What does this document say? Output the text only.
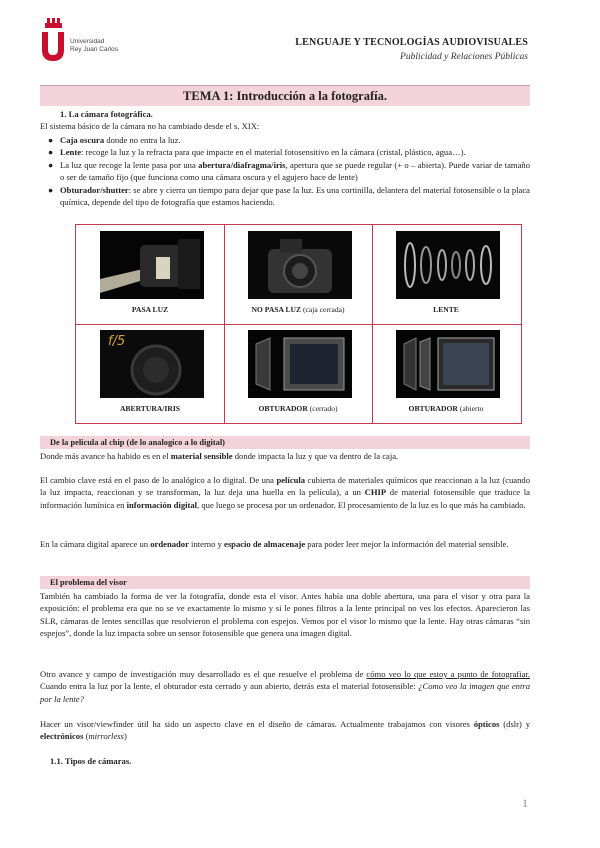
Universidad
Rey Juan Carlos
LENGUAJE Y TECNOLOGÍAS AUDIOVISUALES
Publicidad y Relaciones Públicas
TEMA 1: Introducción a la fotografía.
1. La cámara fotográfica.
El sistema básico de la cámara no ha cambiado desde el s. XIX:
● Caja oscura donde no entra la luz.
● Lente: recoge la luz y la refracta para que impacte en el material fotosensitivo en la cámara (cristal, plástico, agua…).
● La luz que recoge la lente pasa por una abertura/diafragma/iris, apertura que se puede regular (+ o – abierta). Puede variar de tamaño o ser de tamaño fijo (que funciona como una cámara oscura y el agujero hace de lente)
● Obturador/shutter: se abre y cierra un tiempo para dejar que pase la luz. Es una cortinilla, delantera del material fotosensible o la placa química, depende del tipo de fotografía que estamos haciendo.
PASA LUZ	NO PASA LUZ (caja cerrada)	LENTE
f/5
ABERTURA/IRIS	OBTURADOR (cerrado)	OBTURADOR (abierto
De la pelicula al chip (de lo analogico a lo digital)
Donde más avance ha habido es en el material sensible donde impacta la luz y que va dentro de la caja.
El cambio clave está en el paso de lo analógico a lo digital. De una película cubierta de materiales químicos que reaccionan a la luz (cuando la luz impacta, reaccionan y se transforman, la luz deja una huella en la película), a un CHIP de material fotosensible que traduce la información lumínica en información digital, que luego se procesa por un ordenador. El procesamiento de la luz es lo que más ha cambiado.
En la cámara digital aparece un ordenador interno y espacio de almacenaje para poder leer mejor la información del material sensible.
El problema del visor
También ha cambiado la forma de ver la fotografía, donde esta el visor. Antes había una doble abertura, una para el visor y otra para la exposición: el problema era que no se ve exactamente lo mismo y si le pones filtros a la lente principal no ves los efectos. Aparecieron las SLR, cámaras de lentes sencillas que resolvieron el problema con espejos. Vemos por el visor lo mismo que la lente. Hay otras cámaras “sin espejos”, donde la luz impacta sobre un sensor fotosensible que genera una imagen digital.
Otro avance y campo de investigación muy desarrollado es el que resuelve el problema de cómo veo lo que estoy a punto de fotografiar. Cuando entra la luz por la lente, el obturador esta cerrado y aun abierto, detrás esta el material fotosensible: ¿Como veo la imagen que entra por la lente?
Hacer un visor/viewfinder útil ha sido un aspecto clave en el diseño de cámaras. Actualmente trabajamos con visores ópticos (dslr) y electrónicos (mirrorless)
1.1. Tipos de cámaras.
1
